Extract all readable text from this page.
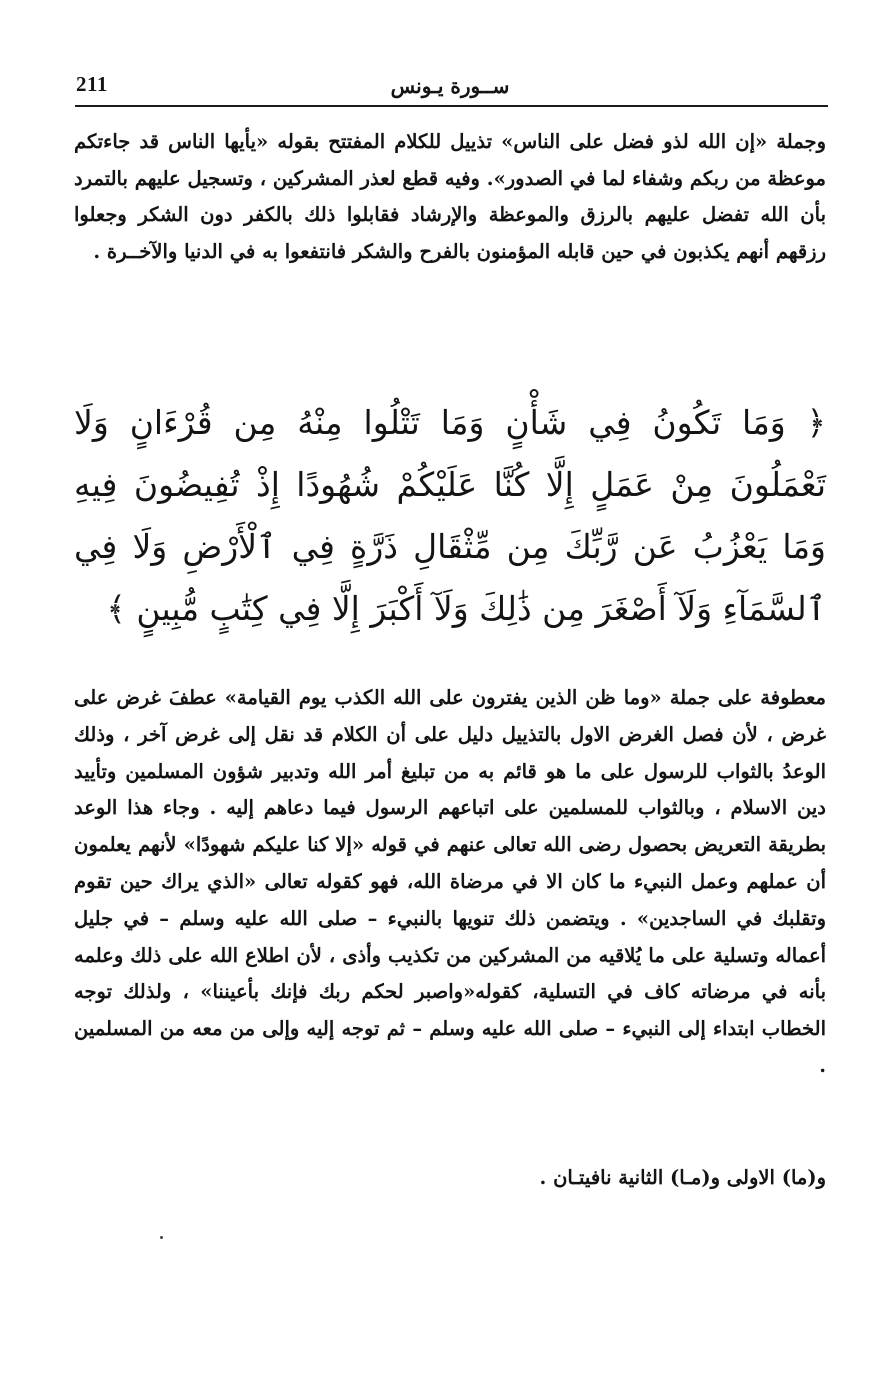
211	ســورة يـونس

وجملة «إن الله لذو فضل على الناس» تذييل للكلام المفتتح بقوله «يأيها الناس قد جاءتكم موعظة من ربكم وشفاء لما في الصدور». وفيه قطع لعذر المشركين ، وتسجيل عليهم بالتمرد بأن الله تفضل عليهم بالرزق والموعظة والإرشاد فقابلوا ذلك بالكفر دون الشكر وجعلوا رزقهم أنهم يكذبون في حين قابله المؤمنون بالفرح والشكر فانتفعوا به في الدنيا والآخــرة .

﴿ وَمَا تَكُونُ فِي شَأْنٍ وَمَا تَتْلُوا مِنْهُ مِن قُرْءَانٍ وَلَا تَعْمَلُونَ مِنْ عَمَلٍ إِلَّا كُنَّا عَلَيْكُمْ شُهُودًا إِذْ تُفِيضُونَ فِيهِ وَمَا يَعْزُبُ عَن رَّبِّكَ مِن مِّثْقَالِ ذَرَّةٍ فِي ٱلْأَرْضِ وَلَا فِي ٱلسَّمَآءِ وَلَآ أَصْغَرَ مِن ذَٰلِكَ وَلَآ أَكْبَرَ إِلَّا فِي كِتَٰبٍ مُّبِينٍ ﴾

معطوفة على جملة «وما ظن الذين يفترون على الله الكذب يوم القيامة» عطفَ غرض على غرض ، لأن فصل الغرض الاول بالتذييل دليل على أن الكلام قد نقل إلى غرض آخر ، وذلك الوعدُ بالثواب للرسول على ما هو قائم به من تبليغ أمر الله وتدبير شؤون المسلمين وتأييد دين الاسلام ، وبالثواب للمسلمين على اتباعهم الرسول فيما دعاهم إليه . وجاء هذا الوعد بطريقة التعريض بحصول رضى الله تعالى عنهم في قوله «إلا كنا عليكم شهودًا» لأنهم يعلمون أن عملهم وعمل النبيء ما كان الا في مرضاة الله، فهو كقوله تعالى «الذي يراك حين تقوم وتقلبك في الساجدين» . ويتضمن ذلك تنويها بالنبيء – صلى الله عليه وسلم – في جليل أعماله وتسلية على ما يُلاقيه من المشركين من تكذيب وأذى ، لأن اطلاع الله على ذلك وعلمه بأنه في مرضاته كاف في التسلية، كقوله«واصبر لحكم ربك فإنك بأعيننا» ، ولذلك توجه الخطاب ابتداء إلى النبيء – صلى الله عليه وسلم – ثم توجه إليه وإلى من معه من المسلمين .

و(ما) الاولى و(مـا) الثانية نافيتـان .
